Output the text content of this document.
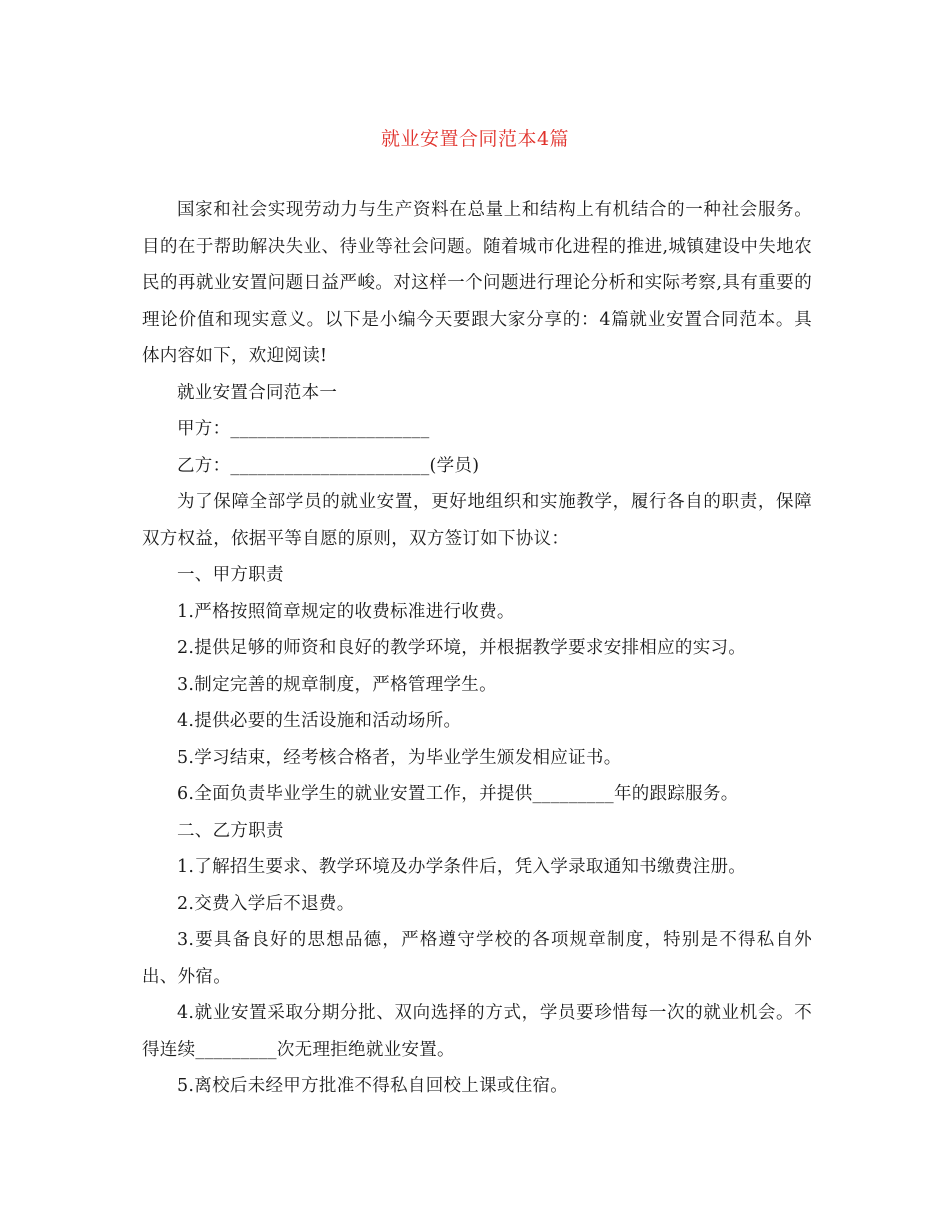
就业安置合同范本4篇

国家和社会实现劳动力与生产资料在总量上和结构上有机结合的一种社会服务。目的在于帮助解决失业、待业等社会问题。随着城市化进程的推进,城镇建设中失地农民的再就业安置问题日益严峻。对这样一个问题进行理论分析和实际考察,具有重要的理论价值和现实意义。以下是小编今天要跟大家分享的：4篇就业安置合同范本。具体内容如下，欢迎阅读!

就业安置合同范本一

甲方：______________________

乙方：______________________(学员)

为了保障全部学员的就业安置，更好地组织和实施教学，履行各自的职责，保障双方权益，依据平等自愿的原则，双方签订如下协议：

一、甲方职责

1.严格按照简章规定的收费标准进行收费。

2.提供足够的师资和良好的教学环境，并根据教学要求安排相应的实习。

3.制定完善的规章制度，严格管理学生。

4.提供必要的生活设施和活动场所。

5.学习结束，经考核合格者，为毕业学生颁发相应证书。

6.全面负责毕业学生的就业安置工作，并提供_________年的跟踪服务。

二、乙方职责

1.了解招生要求、教学环境及办学条件后，凭入学录取通知书缴费注册。

2.交费入学后不退费。

3.要具备良好的思想品德，严格遵守学校的各项规章制度，特别是不得私自外出、外宿。

4.就业安置采取分期分批、双向选择的方式，学员要珍惜每一次的就业机会。不得连续_________次无理拒绝就业安置。

5.离校后未经甲方批准不得私自回校上课或住宿。
